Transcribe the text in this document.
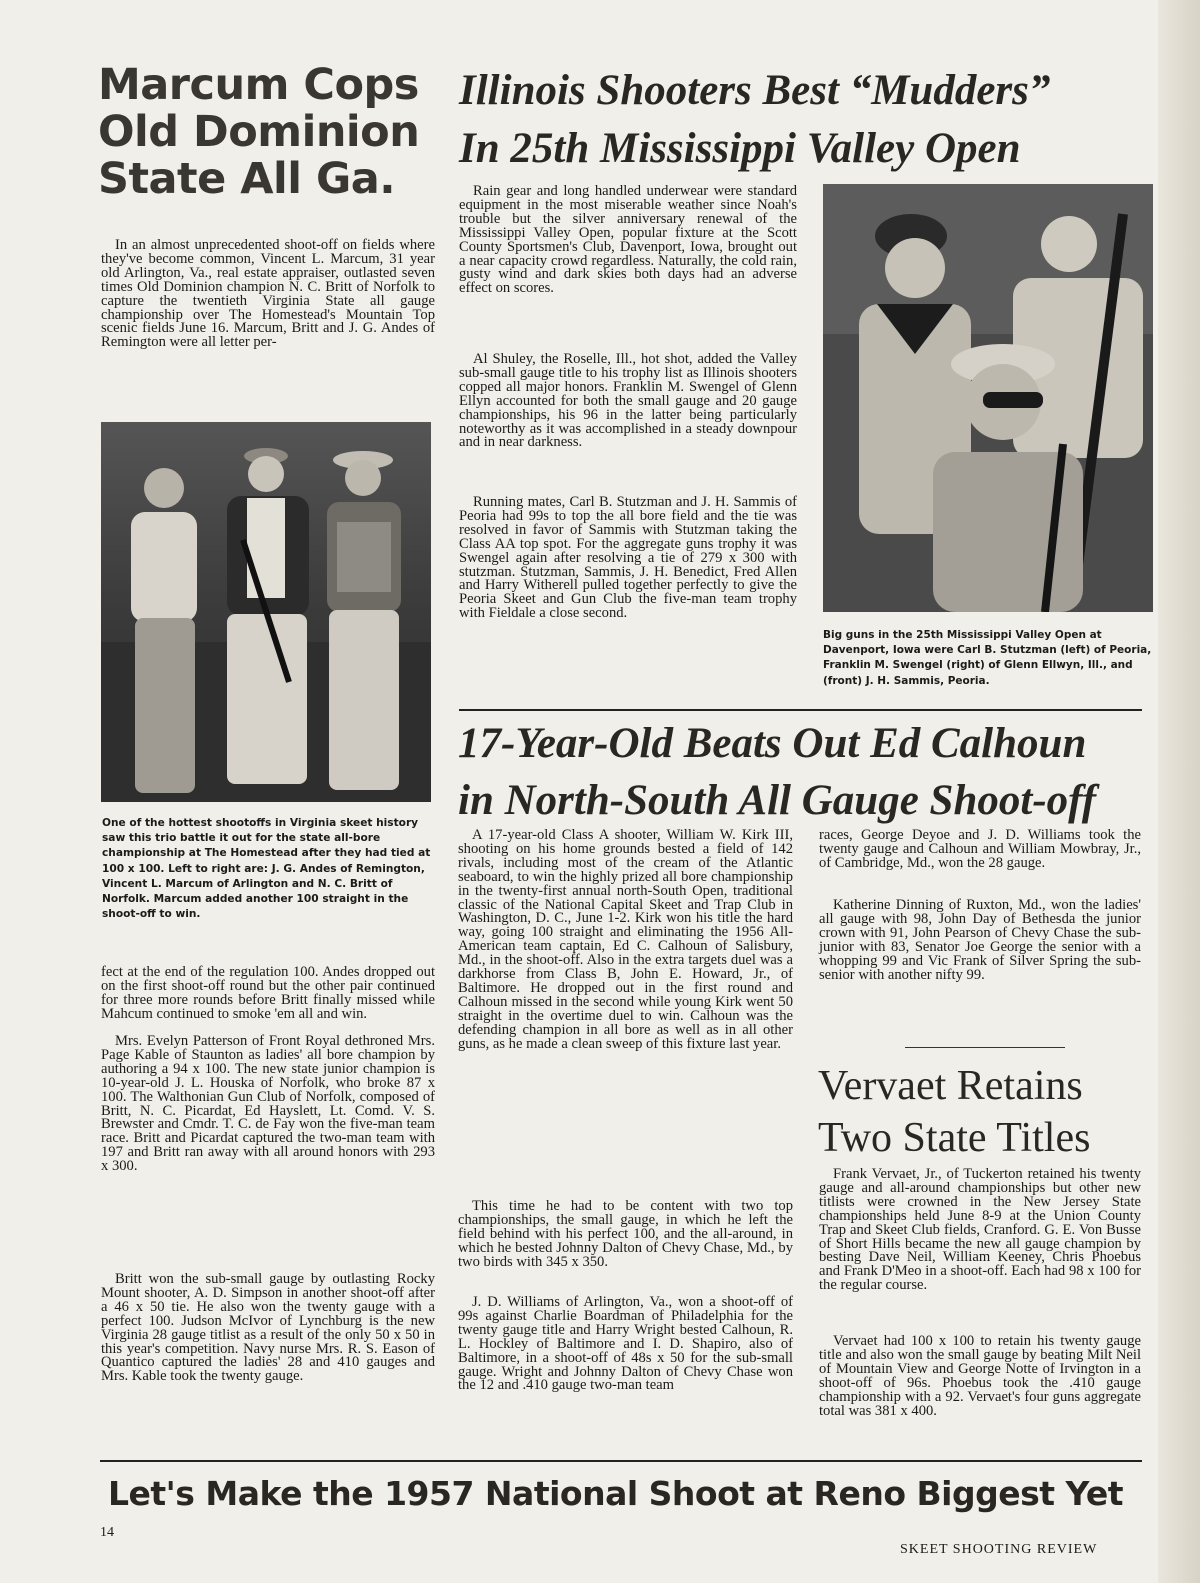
Marcum Cops
Old Dominion
State All Ga.

In an almost unprecedented shoot-off on fields where they've become common, Vincent L. Marcum, 31 year old Arlington, Va., real estate appraiser, outlasted seven times Old Dominion champion N. C. Britt of Norfolk to capture the twentieth Virginia State all gauge championship over The Homestead's Mountain Top scenic fields June 16. Marcum, Britt and J. G. Andes of Remington were all letter per-

One of the hottest shootoffs in Virginia skeet history saw this trio battle it out for the state all-bore championship at The Homestead after they had tied at 100 x 100. Left to right are: J. G. Andes of Remington, Vincent L. Marcum of Arlington and N. C. Britt of Norfolk. Marcum added another 100 straight in the shoot-off to win.

fect at the end of the regulation 100. Andes dropped out on the first shoot-off round but the other pair continued for three more rounds before Britt finally missed while Mahcum continued to smoke 'em all and win.

Mrs. Evelyn Patterson of Front Royal dethroned Mrs. Page Kable of Staunton as ladies' all bore champion by authoring a 94 x 100. The new state junior champion is 10-year-old J. L. Houska of Norfolk, who broke 87 x 100. The Walthonian Gun Club of Norfolk, composed of Britt, N. C. Picardat, Ed Hayslett, Lt. Comd. V. S. Brewster and Cmdr. T. C. de Fay won the five-man team race. Britt and Picardat captured the two-man team with 197 and Britt ran away with all around honors with 293 x 300.

Britt won the sub-small gauge by outlasting Rocky Mount shooter, A. D. Simpson in another shoot-off after a 46 x 50 tie. He also won the twenty gauge with a perfect 100. Judson McIvor of Lynchburg is the new Virginia 28 gauge titlist as a result of the only 50 x 50 in this year's competition. Navy nurse Mrs. R. S. Eason of Quantico captured the ladies' 28 and 410 gauges and Mrs. Kable took the twenty gauge.

Illinois Shooters Best “Mudders”
In 25th Mississippi Valley Open

Rain gear and long handled underwear were standard equipment in the most miserable weather since Noah's trouble but the silver anniversary renewal of the Mississippi Valley Open, popular fixture at the Scott County Sportsmen's Club, Davenport, Iowa, brought out a near capacity crowd regardless. Naturally, the cold rain, gusty wind and dark skies both days had an adverse effect on scores.

Al Shuley, the Roselle, Ill., hot shot, added the Valley sub-small gauge title to his trophy list as Illinois shooters copped all major honors. Franklin M. Swengel of Glenn Ellyn accounted for both the small gauge and 20 gauge championships, his 96 in the latter being particularly noteworthy as it was accomplished in a steady downpour and in near darkness.

Running mates, Carl B. Stutzman and J. H. Sammis of Peoria had 99s to top the all bore field and the tie was resolved in favor of Sammis with Stutzman taking the Class AA top spot. For the aggregate guns trophy it was Swengel again after resolving a tie of 279 x 300 with stutzman. Stutzman, Sammis, J. H. Benedict, Fred Allen and Harry Witherell pulled together perfectly to give the Peoria Skeet and Gun Club the five-man team trophy with Fieldale a close second.

Big guns in the 25th Mississippi Valley Open at Davenport, Iowa were Carl B. Stutzman (left) of Peoria, Franklin M. Swengel (right) of Glenn Ellwyn, Ill., and (front) J. H. Sammis, Peoria.
17-Year-Old Beats Out Ed Calhoun
in North-South All Gauge Shoot-off

A 17-year-old Class A shooter, William W. Kirk III, shooting on his home grounds bested a field of 142 rivals, including most of the cream of the Atlantic seaboard, to win the highly prized all bore championship in the twenty-first annual north-South Open, traditional classic of the National Capital Skeet and Trap Club in Washington, D. C., June 1-2. Kirk won his title the hard way, going 100 straight and eliminating the 1956 All-American team captain, Ed C. Calhoun of Salisbury, Md., in the shoot-off. Also in the extra targets duel was a darkhorse from Class B, John E. Howard, Jr., of Baltimore. He dropped out in the first round and Calhoun missed in the second while young Kirk went 50 straight in the overtime duel to win. Calhoun was the defending champion in all bore as well as in all other guns, as he made a clean sweep of this fixture last year.

This time he had to be content with two top championships, the small gauge, in which he left the field behind with his perfect 100, and the all-around, in which he bested Johnny Dalton of Chevy Chase, Md., by two birds with 345 x 350.

J. D. Williams of Arlington, Va., won a shoot-off of 99s against Charlie Boardman of Philadelphia for the twenty gauge title and Harry Wright bested Calhoun, R. L. Hockley of Baltimore and I. D. Shapiro, also of Baltimore, in a shoot-off of 48s x 50 for the sub-small gauge. Wright and Johnny Dalton of Chevy Chase won the 12 and .410 gauge two-man team

races, George Deyoe and J. D. Williams took the twenty gauge and Calhoun and William Mowbray, Jr., of Cambridge, Md., won the 28 gauge.

Katherine Dinning of Ruxton, Md., won the ladies' all gauge with 98, John Day of Bethesda the junior crown with 91, John Pearson of Chevy Chase the sub-junior with 83, Senator Joe George the senior with a whopping 99 and Vic Frank of Silver Spring the sub-senior with another nifty 99.

Vervaet Retains
Two State Titles

Frank Vervaet, Jr., of Tuckerton retained his twenty gauge and all-around championships but other new titlists were crowned in the New Jersey State championships held June 8-9 at the Union County Trap and Skeet Club fields, Cranford. G. E. Von Busse of Short Hills became the new all gauge champion by besting Dave Neil, William Keeney, Chris Phoebus and Frank D'Meo in a shoot-off. Each had 98 x 100 for the regular course.

Vervaet had 100 x 100 to retain his twenty gauge title and also won the small gauge by beating Milt Neil of Mountain View and George Notte of Irvington in a shoot-off of 96s. Phoebus took the .410 gauge championship with a 92. Vervaet's four guns aggregate total was 381 x 400.

Let's Make the 1957 National Shoot at Reno Biggest Yet
14
SKEET SHOOTING REVIEW
